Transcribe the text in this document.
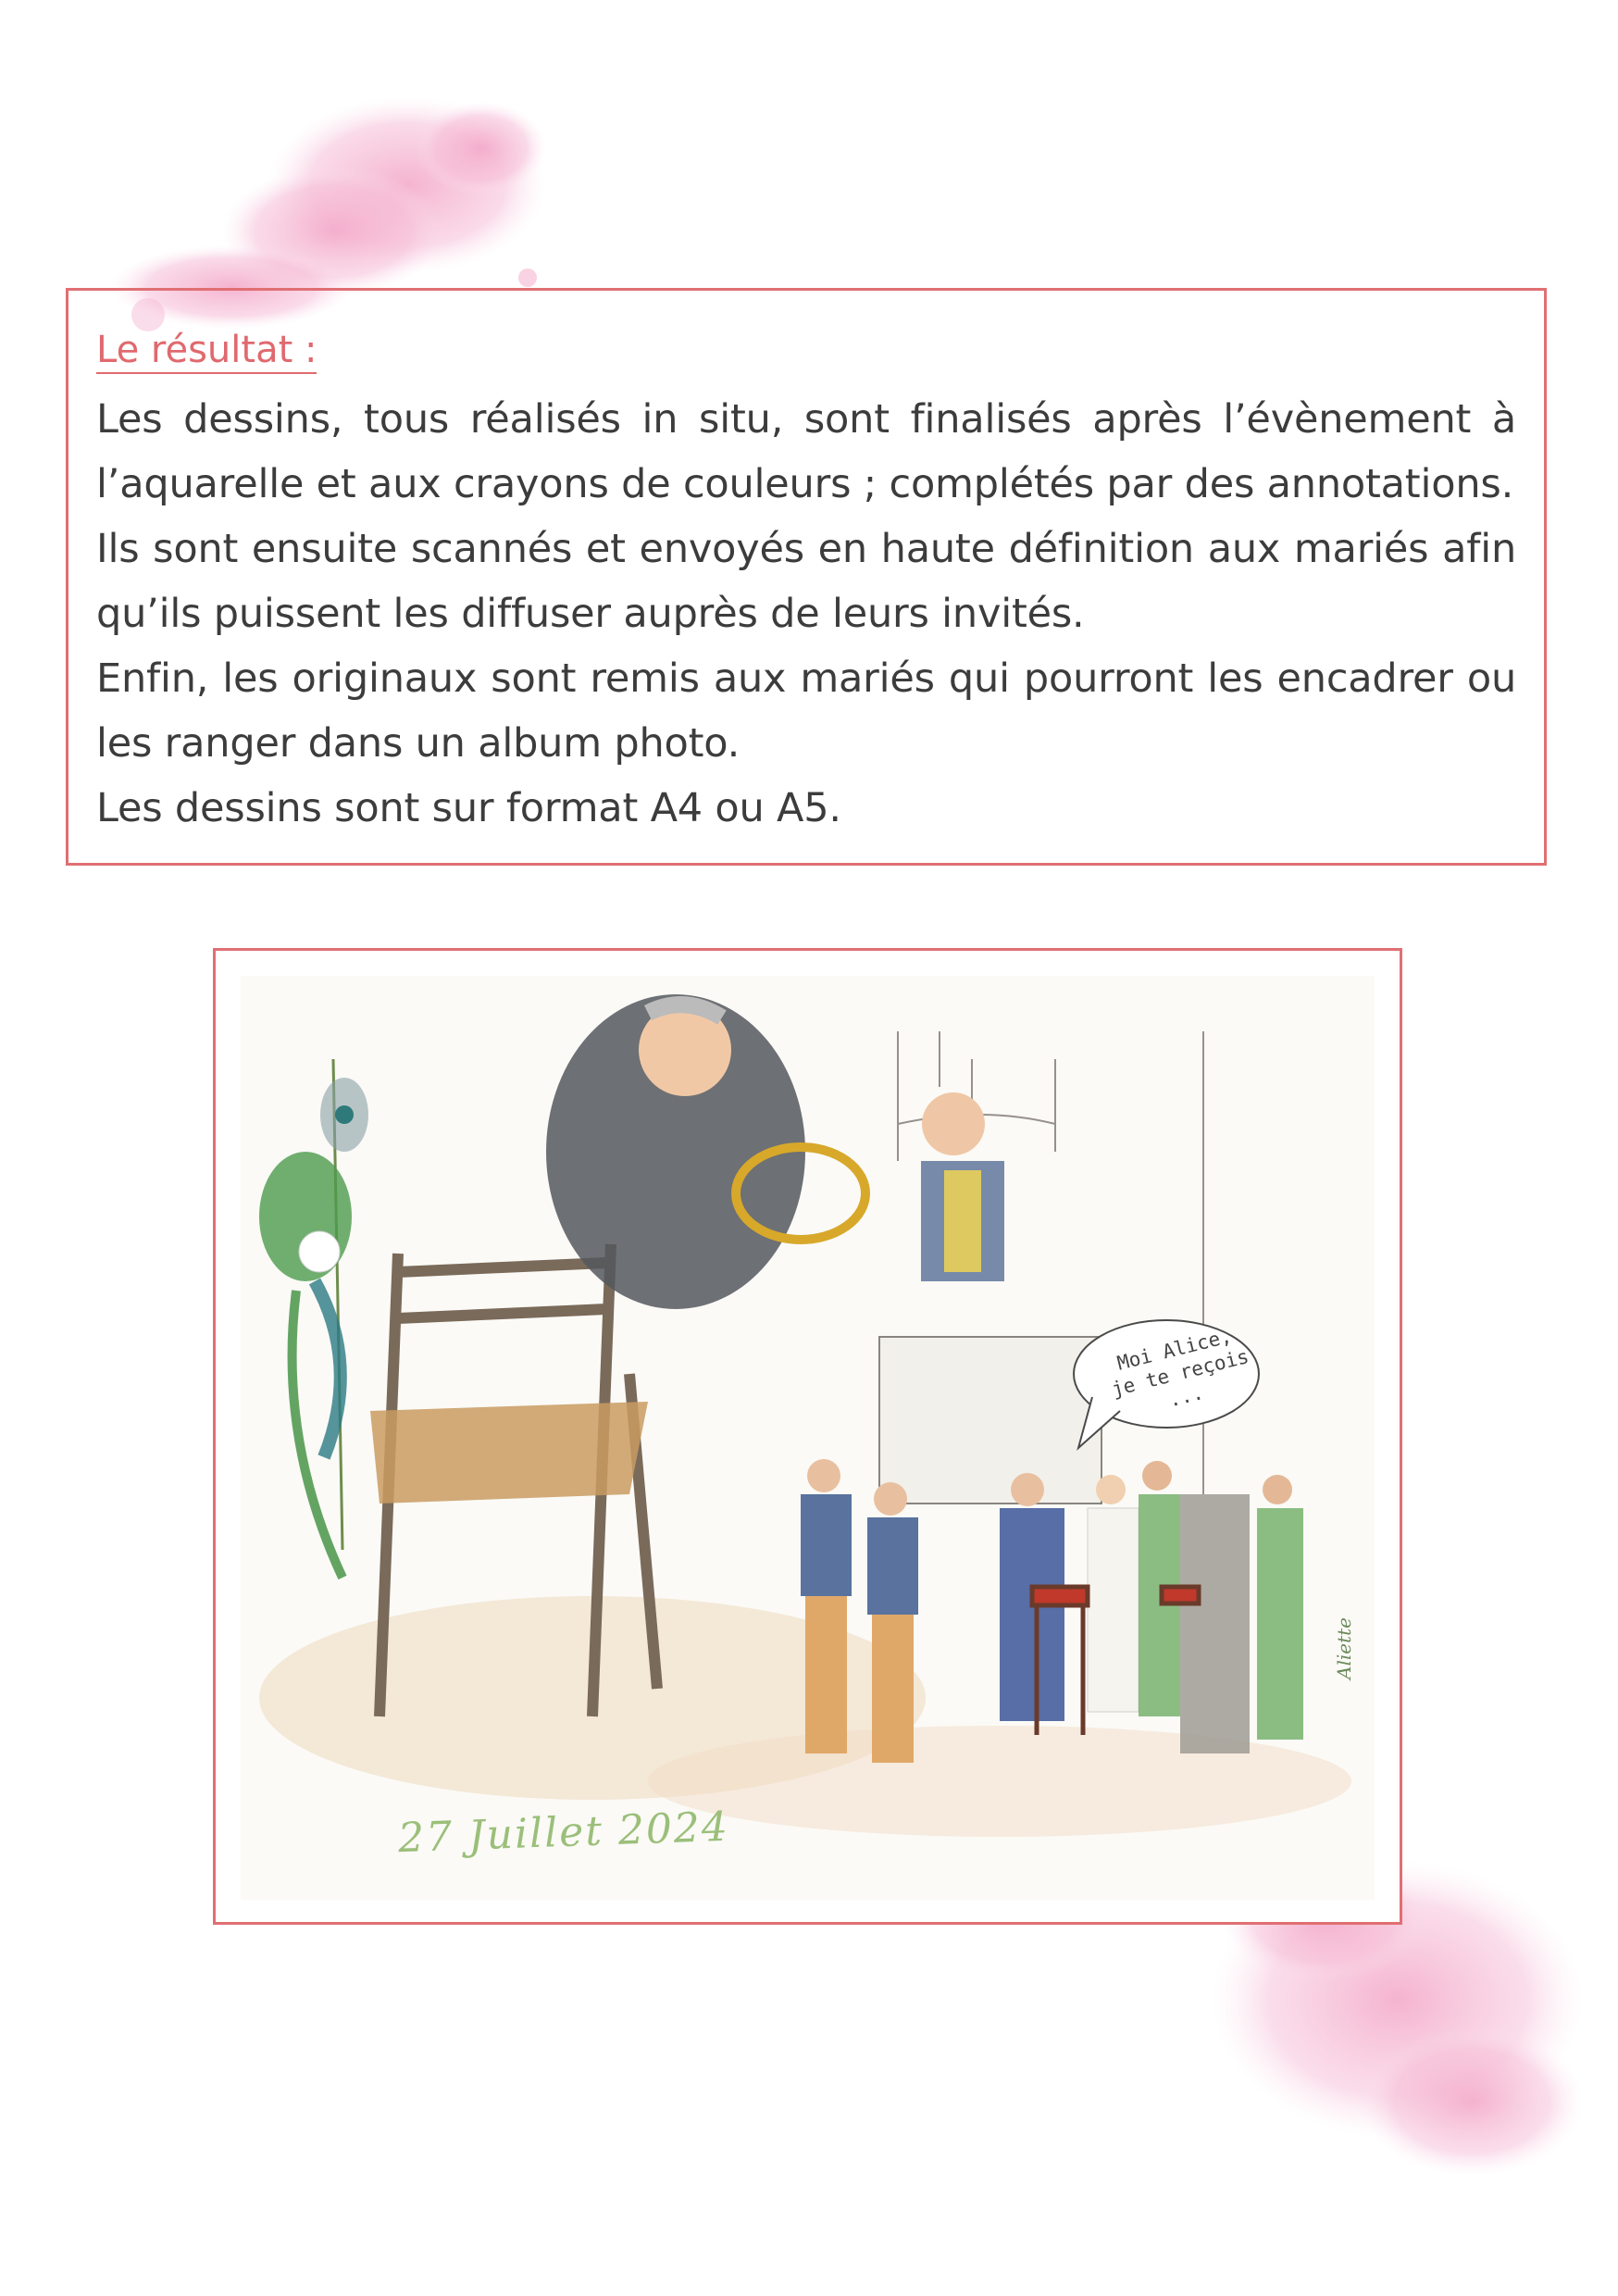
Le résultat :

Les dessins, tous réalisés in situ, sont finalisés après l’évènement à l’aquarelle et aux crayons de couleurs ; complétés par des annotations.

Ils sont ensuite scannés et envoyés en haute définition aux mariés afin qu’ils puissent les diffuser auprès de leurs invités.

Enfin, les originaux sont remis aux mariés qui pourront les encadrer ou les ranger dans un album photo.

Les dessins sont sur format A4 ou A5.

Moi Alice, je te reçois ...
27 Juillet 2024
Aliette
